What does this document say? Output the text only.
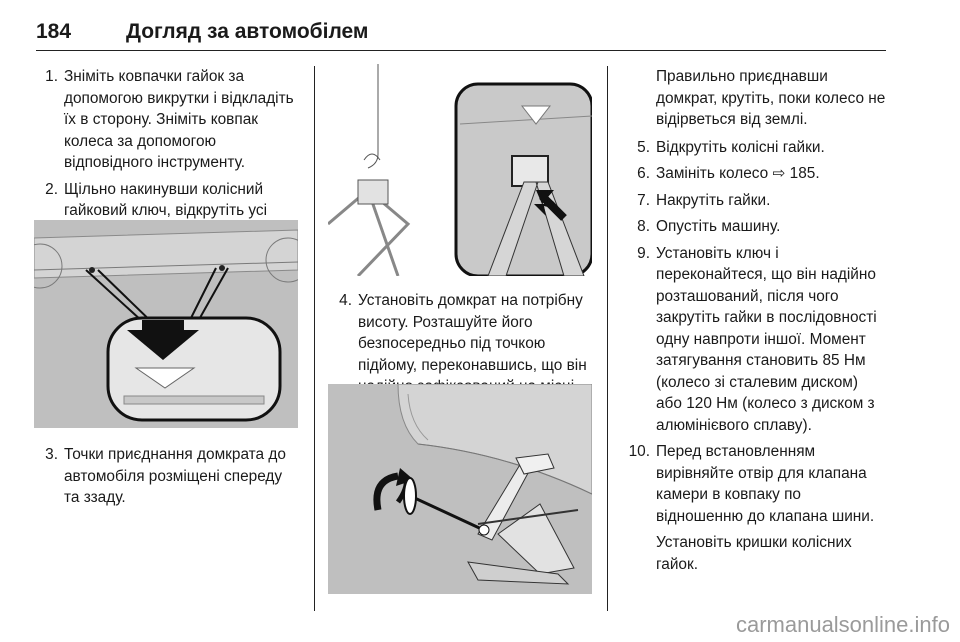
184	Догляд за автомобілем
1. Зніміть ковпачки гайок за допомогою викрутки і відкладіть їх в сторону. Зніміть ковпак колеса за допомогою відповідного інструменту.
2. Щільно накинувши колісний гайковий ключ, відкрутіть усі
3. Точки приєднання домкрата до автомобіля розміщені спереду та ззаду.
4. Установіть домкрат на потрібну висоту. Розташуйте його безпосередньо під точкою підйому, переконавшись, що він
Правильно приєднавши домкрат, крутіть, поки колесо не відірветься від землі.
5. Відкрутіть колісні гайки.
6. Замініть колесо ⇨ 185.
7. Накрутіть гайки.
8. Опустіть машину.
9. Установіть ключ і переконайтеся, що він надійно розташований, після чого закрутіть гайки в послідовності одну навпроти іншої. Момент затягування становить 85 Нм (колесо зі сталевим диском) або 120 Нм (колесо з диском з алюмінієвого сплаву).
10. Перед встановленням вирівняйте отвір для клапана камери в ковпаку по відношенню до клапана шини.
Установіть кришки колісних гайок.
carmanualsonline.info
